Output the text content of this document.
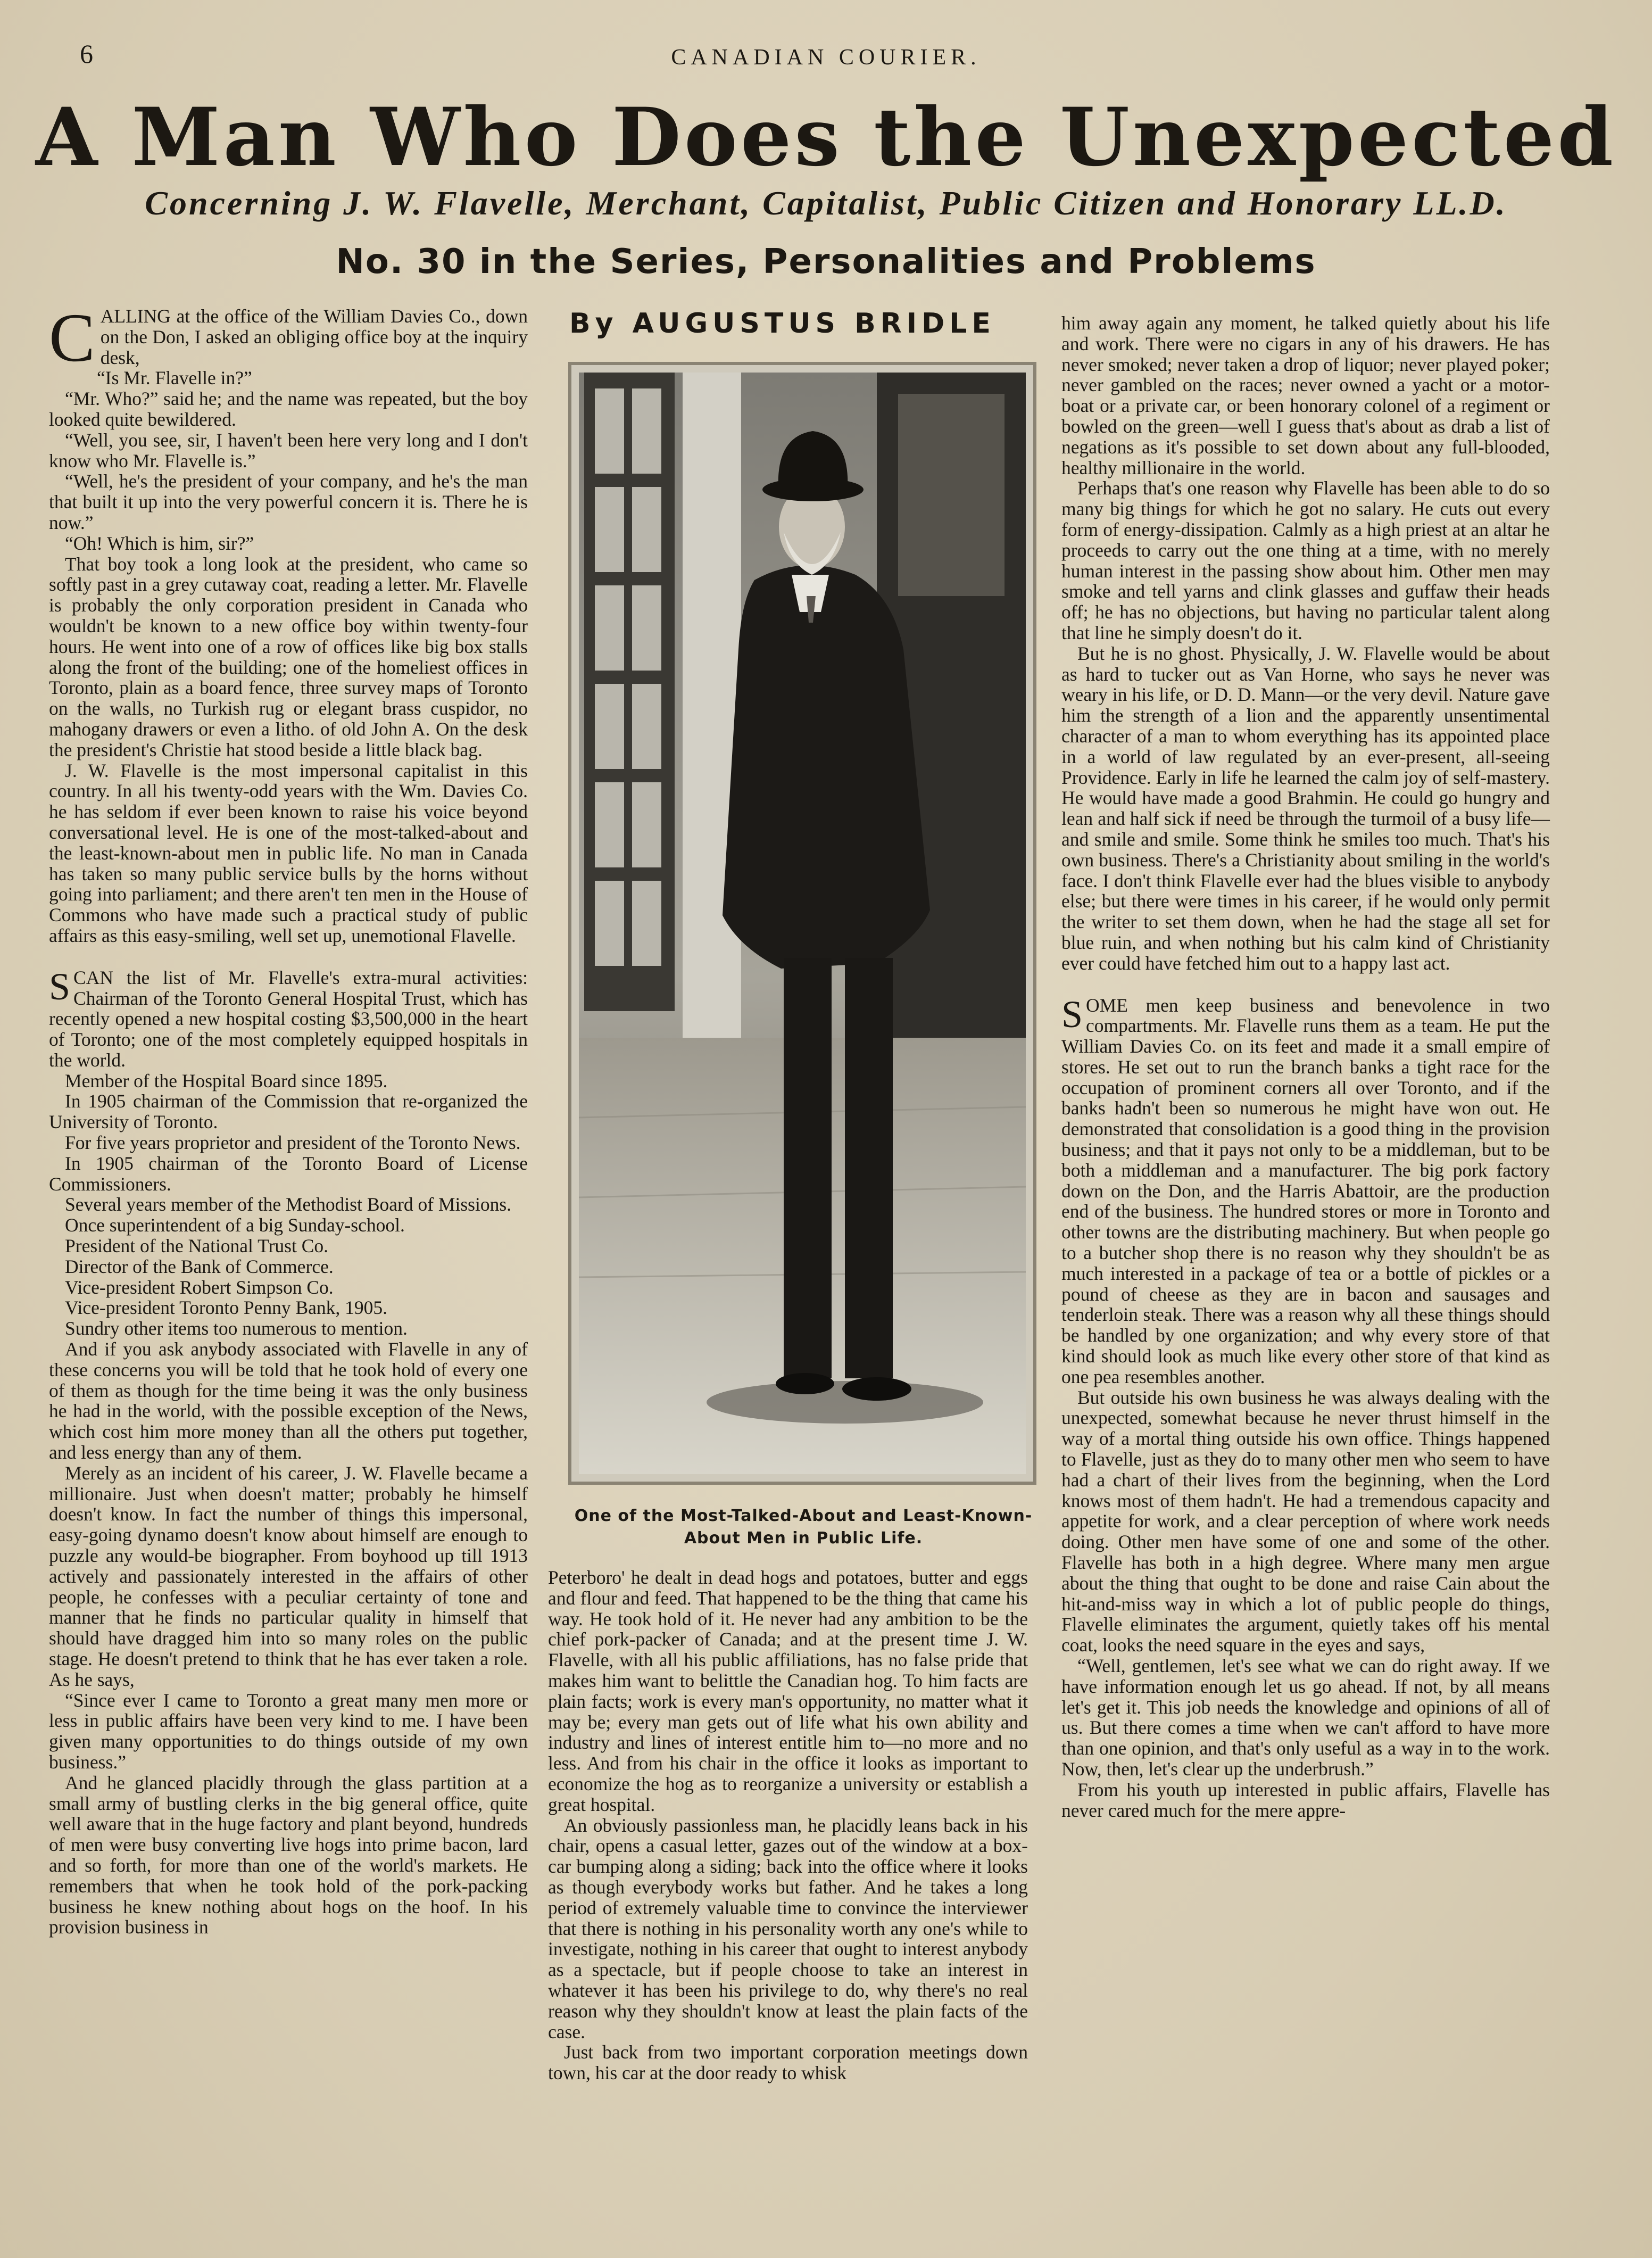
6	CANADIAN COURIER.
A Man Who Does the Unexpected
Concerning J. W. Flavelle, Merchant, Capitalist, Public Citizen and Honorary LL.D.
No. 30 in the Series, Personalities and Problems
By AUGUSTUS BRIDLE

CALLING at the office of the William Davies Co., down on the Don, I asked an obliging office boy at the inquiry desk,

“Is Mr. Flavelle in?”

“Mr. Who?” said he; and the name was repeated, but the boy looked quite bewildered.

“Well, you see, sir, I haven't been here very long and I don't know who Mr. Flavelle is.”

“Well, he's the president of your company, and he's the man that built it up into the very powerful concern it is. There he is now.”

“Oh! Which is him, sir?”

That boy took a long look at the president, who came so softly past in a grey cutaway coat, reading a letter. Mr. Flavelle is probably the only corporation president in Canada who wouldn't be known to a new office boy within twenty-four hours. He went into one of a row of offices like big box stalls along the front of the building; one of the homeliest offices in Toronto, plain as a board fence, three survey maps of Toronto on the walls, no Turkish rug or elegant brass cuspidor, no mahogany drawers or even a litho. of old John A. On the desk the president's Christie hat stood beside a little black bag.

J. W. Flavelle is the most impersonal capitalist in this country. In all his twenty-odd years with the Wm. Davies Co. he has seldom if ever been known to raise his voice beyond conversational level. He is one of the most-talked-about and the least-known-about men in public life. No man in Canada has taken so many public service bulls by the horns without going into parliament; and there aren't ten men in the House of Commons who have made such a practical study of public affairs as this easy-smiling, well set up, unemotional Flavelle.

SCAN the list of Mr. Flavelle's extra-mural activities: Chairman of the Toronto General Hospital Trust, which has recently opened a new hospital costing $3,500,000 in the heart of Toronto; one of the most completely equipped hospitals in the world.

Member of the Hospital Board since 1895.

In 1905 chairman of the Commission that re-organized the University of Toronto.

For five years proprietor and president of the Toronto News.

In 1905 chairman of the Toronto Board of License Commissioners.

Several years member of the Methodist Board of Missions.

Once superintendent of a big Sunday-school.

President of the National Trust Co.

Director of the Bank of Commerce.

Vice-president Robert Simpson Co.

Vice-president Toronto Penny Bank, 1905.

Sundry other items too numerous to mention.

And if you ask anybody associated with Flavelle in any of these concerns you will be told that he took hold of every one of them as though for the time being it was the only business he had in the world, with the possible exception of the News, which cost him more money than all the others put together, and less energy than any of them.

Merely as an incident of his career, J. W. Flavelle became a millionaire. Just when doesn't matter; probably he himself doesn't know. In fact the number of things this impersonal, easy-going dynamo doesn't know about himself are enough to puzzle any would-be biographer. From boyhood up till 1913 actively and passionately interested in the affairs of other people, he confesses with a peculiar certainty of tone and manner that he finds no particular quality in himself that should have dragged him into so many roles on the public stage. He doesn't pretend to think that he has ever taken a role. As he says,

“Since ever I came to Toronto a great many men more or less in public affairs have been very kind to me. I have been given many opportunities to do things outside of my own business.”

And he glanced placidly through the glass partition at a small army of bustling clerks in the big general office, quite well aware that in the huge factory and plant beyond, hundreds of men were busy converting live hogs into prime bacon, lard and so forth, for more than one of the world's markets. He remembers that when he took hold of the pork-packing business he knew nothing about hogs on the hoof. In his provision business in

One of the Most-Talked-About and Least-Known-About Men in Public Life.

Peterboro' he dealt in dead hogs and potatoes, butter and eggs and flour and feed. That happened to be the thing that came his way. He took hold of it. He never had any ambition to be the chief pork-packer of Canada; and at the present time J. W. Flavelle, with all his public affiliations, has no false pride that makes him want to belittle the Canadian hog. To him facts are plain facts; work is every man's opportunity, no matter what it may be; every man gets out of life what his own ability and industry and lines of interest entitle him to—no more and no less. And from his chair in the office it looks as important to economize the hog as to reorganize a university or establish a great hospital.

An obviously passionless man, he placidly leans back in his chair, opens a casual letter, gazes out of the window at a box-car bumping along a siding; back into the office where it looks as though everybody works but father. And he takes a long period of extremely valuable time to convince the interviewer that there is nothing in his personality worth any one's while to investigate, nothing in his career that ought to interest anybody as a spectacle, but if people choose to take an interest in whatever it has been his privilege to do, why there's no real reason why they shouldn't know at least the plain facts of the case.

Just back from two important corporation meetings down town, his car at the door ready to whisk

him away again any moment, he talked quietly about his life and work. There were no cigars in any of his drawers. He has never smoked; never taken a drop of liquor; never played poker; never gambled on the races; never owned a yacht or a motor-boat or a private car, or been honorary colonel of a regiment or bowled on the green—well I guess that's about as drab a list of negations as it's possible to set down about any full-blooded, healthy millionaire in the world.

Perhaps that's one reason why Flavelle has been able to do so many big things for which he got no salary. He cuts out every form of energy-dissipation. Calmly as a high priest at an altar he proceeds to carry out the one thing at a time, with no merely human interest in the passing show about him. Other men may smoke and tell yarns and clink glasses and guffaw their heads off; he has no objections, but having no particular talent along that line he simply doesn't do it.

But he is no ghost. Physically, J. W. Flavelle would be about as hard to tucker out as Van Horne, who says he never was weary in his life, or D. D. Mann—or the very devil. Nature gave him the strength of a lion and the apparently unsentimental character of a man to whom everything has its appointed place in a world of law regulated by an ever-present, all-seeing Providence. Early in life he learned the calm joy of self-mastery. He would have made a good Brahmin. He could go hungry and lean and half sick if need be through the turmoil of a busy life—and smile and smile. Some think he smiles too much. That's his own business. There's a Christianity about smiling in the world's face. I don't think Flavelle ever had the blues visible to anybody else; but there were times in his career, if he would only permit the writer to set them down, when he had the stage all set for blue ruin, and when nothing but his calm kind of Christianity ever could have fetched him out to a happy last act.

SOME men keep business and benevolence in two compartments. Mr. Flavelle runs them as a team. He put the William Davies Co. on its feet and made it a small empire of stores. He set out to run the branch banks a tight race for the occupation of prominent corners all over Toronto, and if the banks hadn't been so numerous he might have won out. He demonstrated that consolidation is a good thing in the provision business; and that it pays not only to be a middleman, but to be both a middleman and a manufacturer. The big pork factory down on the Don, and the Harris Abattoir, are the production end of the business. The hundred stores or more in Toronto and other towns are the distributing machinery. But when people go to a butcher shop there is no reason why they shouldn't be as much interested in a package of tea or a bottle of pickles or a pound of cheese as they are in bacon and sausages and tenderloin steak. There was a reason why all these things should be handled by one organization; and why every store of that kind should look as much like every other store of that kind as one pea resembles another.

But outside his own business he was always dealing with the unexpected, somewhat because he never thrust himself in the way of a mortal thing outside his own office. Things happened to Flavelle, just as they do to many other men who seem to have had a chart of their lives from the beginning, when the Lord knows most of them hadn't. He had a tremendous capacity and appetite for work, and a clear perception of where work needs doing. Other men have some of one and some of the other. Flavelle has both in a high degree. Where many men argue about the thing that ought to be done and raise Cain about the hit-and-miss way in which a lot of public people do things, Flavelle eliminates the argument, quietly takes off his mental coat, looks the need square in the eyes and says,

“Well, gentlemen, let's see what we can do right away. If we have information enough let us go ahead. If not, by all means let's get it. This job needs the knowledge and opinions of all of us. But there comes a time when we can't afford to have more than one opinion, and that's only useful as a way in to the work. Now, then, let's clear up the underbrush.”

From his youth up interested in public affairs, Flavelle has never cared much for the mere appre-
